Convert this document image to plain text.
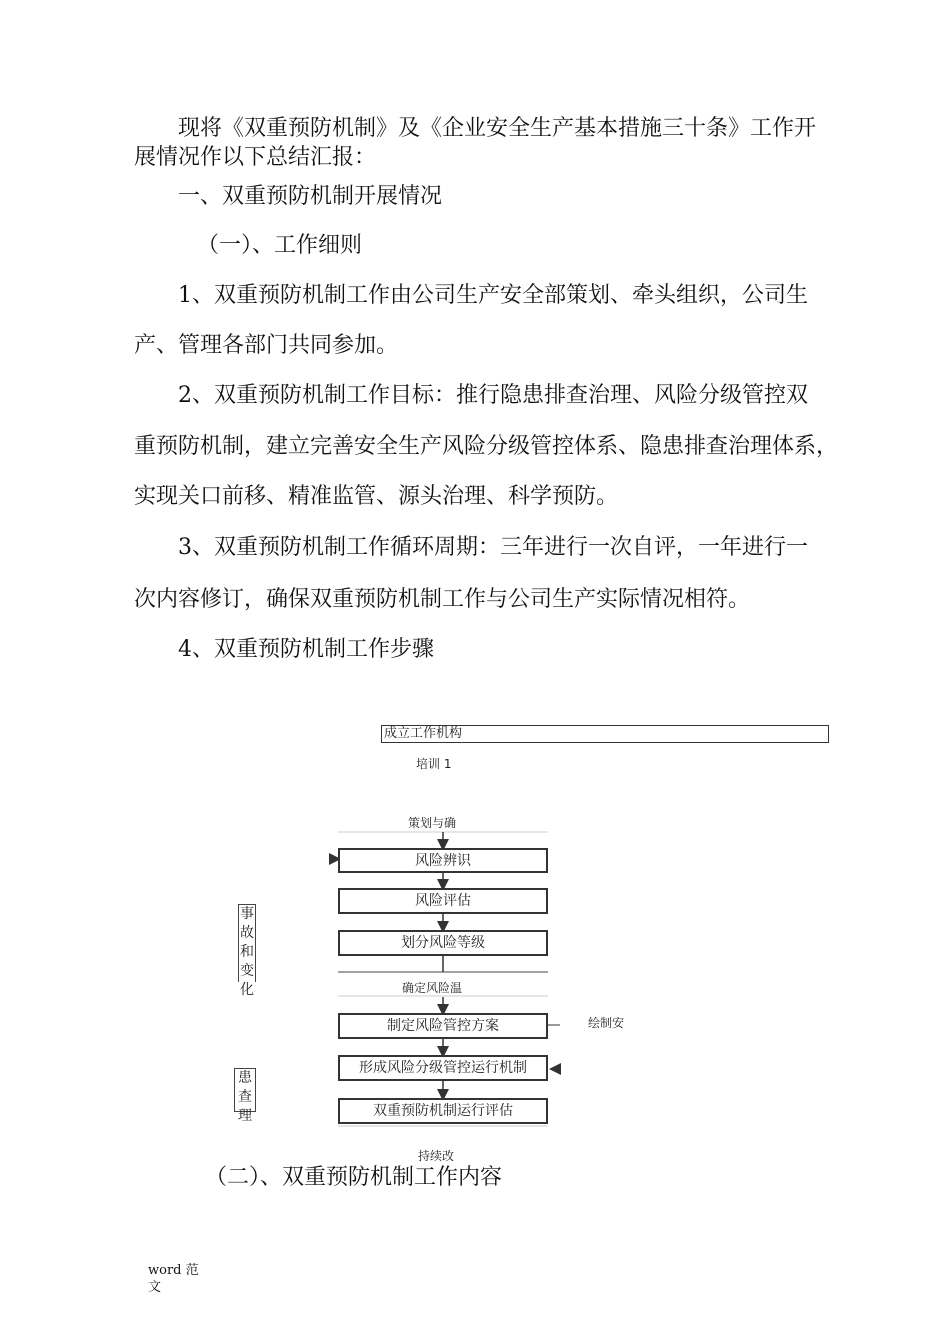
现将《双重预防机制》及《企业安全生产基本措施三十条》工作开

展情况作以下总结汇报：

一、双重预防机制开展情况

（一）、工作细则

1、双重预防机制工作由公司生产安全部策划、牵头组织，公司生

产、管理各部门共同参加。

2、双重预防机制工作目标：推行隐患排查治理、风险分级管控双

重预防机制，建立完善安全生产风险分级管控体系、隐患排查治理体系，

实现关口前移、精准监管、源头治理、科学预防。

3、双重预防机制工作循环周期：三年进行一次自评，一年进行一

次内容修订，确保双重预防机制工作与公司生产实际情况相符。

4、双重预防机制工作步骤

成立工作机构
培训 1
策划与确
风险辨识
风险评估
划分风险等级
确定风险温
制定风险管控方案
形成风险分级管控运行机制
双重预防机制运行评估
绘制安
持续改
事
故
和
变
化
患
查
理

（二）、双重预防机制工作内容

word 范
文
